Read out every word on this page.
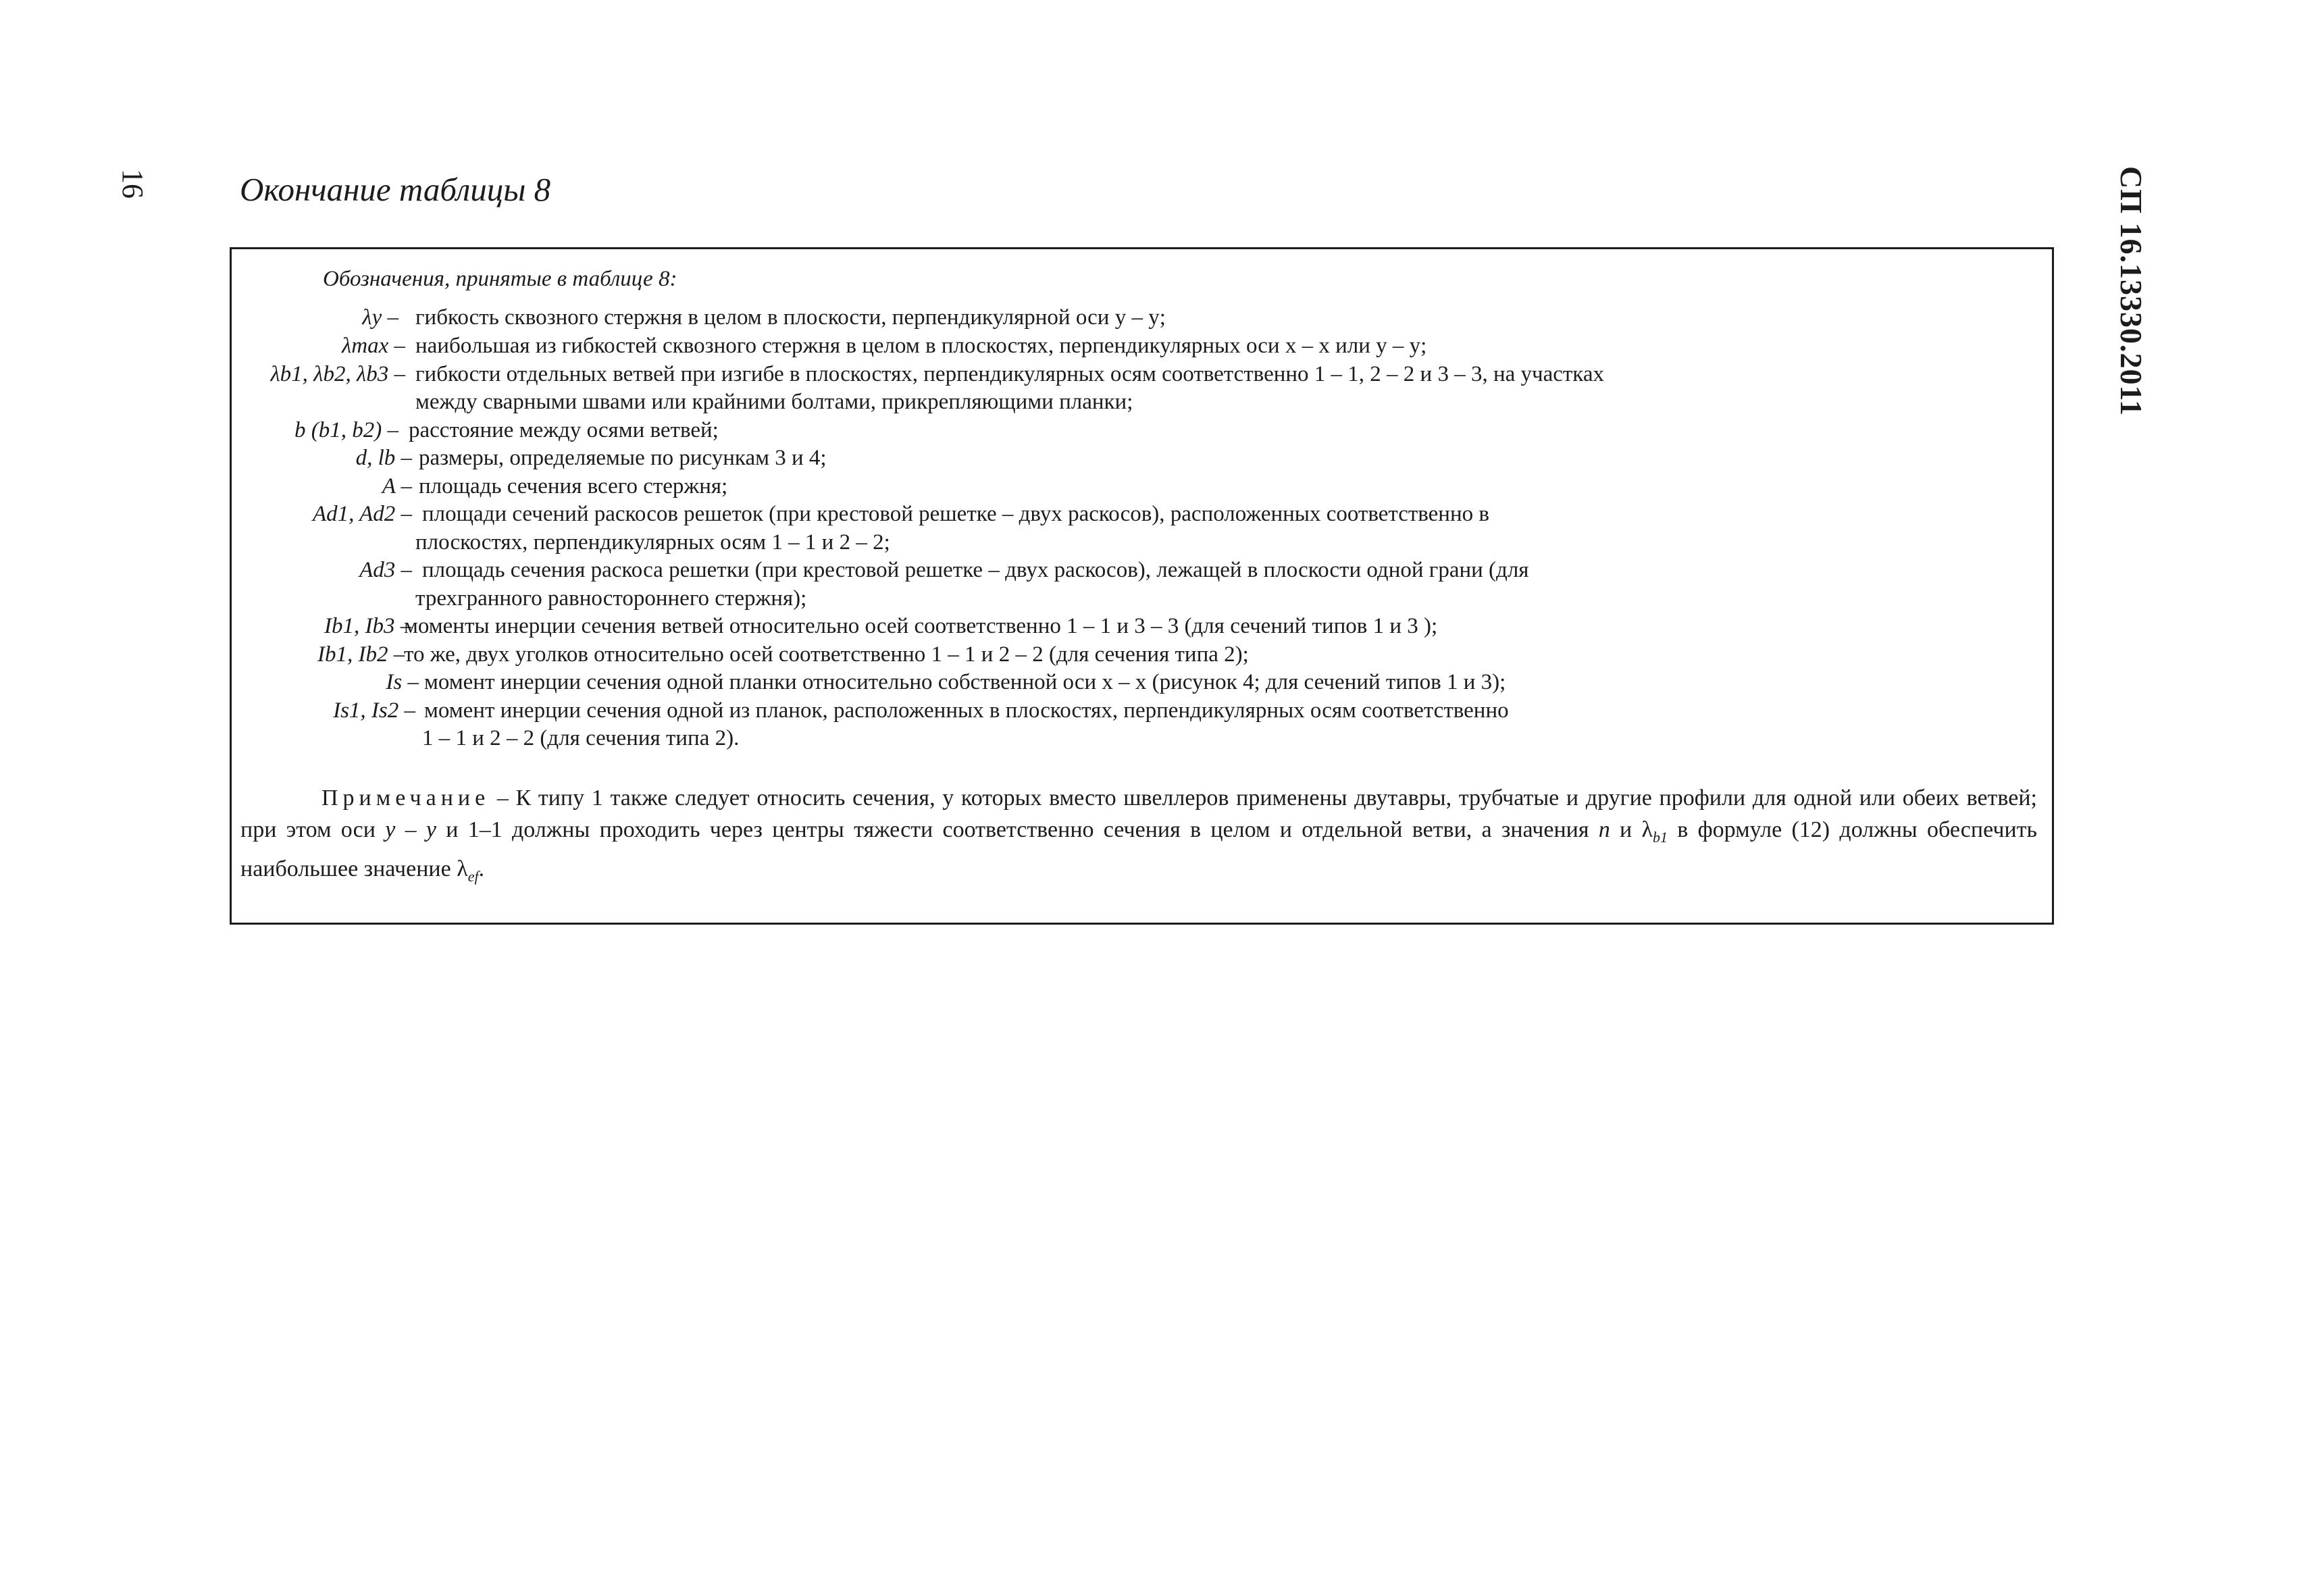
16	СП 16.13330.2011
Окончание таблицы 8
Обозначения, принятые в таблице 8:
λy – гибкость сквозного стержня в целом в плоскости, перпендикулярной оси y – y;
λmax – наибольшая из гибкостей сквозного стержня в целом в плоскостях, перпендикулярных оси x – x или y – y;
λb1, λb2, λb3 – гибкости отдельных ветвей при изгибе в плоскостях, перпендикулярных осям соответственно 1 – 1, 2 – 2 и 3 – 3, на участках
между сварными швами или крайними болтами, прикрепляющими планки;
b (b1, b2) – расстояние между осями ветвей;
d, lb – размеры, определяемые по рисункам 3 и 4;
A – площадь сечения всего стержня;
Ad1, Ad2 – площади сечений раскосов решеток (при крестовой решетке – двух раскосов), расположенных соответственно в
плоскостях, перпендикулярных осям 1 – 1 и 2 – 2;
Ad3 – площадь сечения раскоса решетки (при крестовой решетке – двух раскосов), лежащей в плоскости одной грани (для
трехгранного равностороннего стержня);
Ib1, Ib3 –
моменты инерции сечения ветвей относительно осей соответственно 1 – 1 и 3 – 3 (для сечений типов 1 и 3 );
Ib1, Ib2 –
то же, двух уголков относительно осей соответственно 1 – 1 и 2 – 2 (для сечения типа 2);
Is – момент инерции сечения одной планки относительно собственной оси x – x (рисунок 4; для сечений типов 1 и 3);
Is1, Is2 – момент инерции сечения одной из планок, расположенных в плоскостях, перпендикулярных осям соответственно
1 – 1 и 2 – 2 (для сечения типа 2).
Примечание – К типу 1 также следует относить сечения, у которых вместо швеллеров применены двутавры, трубчатые и другие профили для одной или обеих ветвей; при этом оси y – y и 1–1 должны проходить через центры тяжести соответственно сечения в целом и отдельной ветви, а значения n и $\lambda_{b1}$ в формуле (12) должны обеспечить наибольшее значение $\lambda_{ef}$.
